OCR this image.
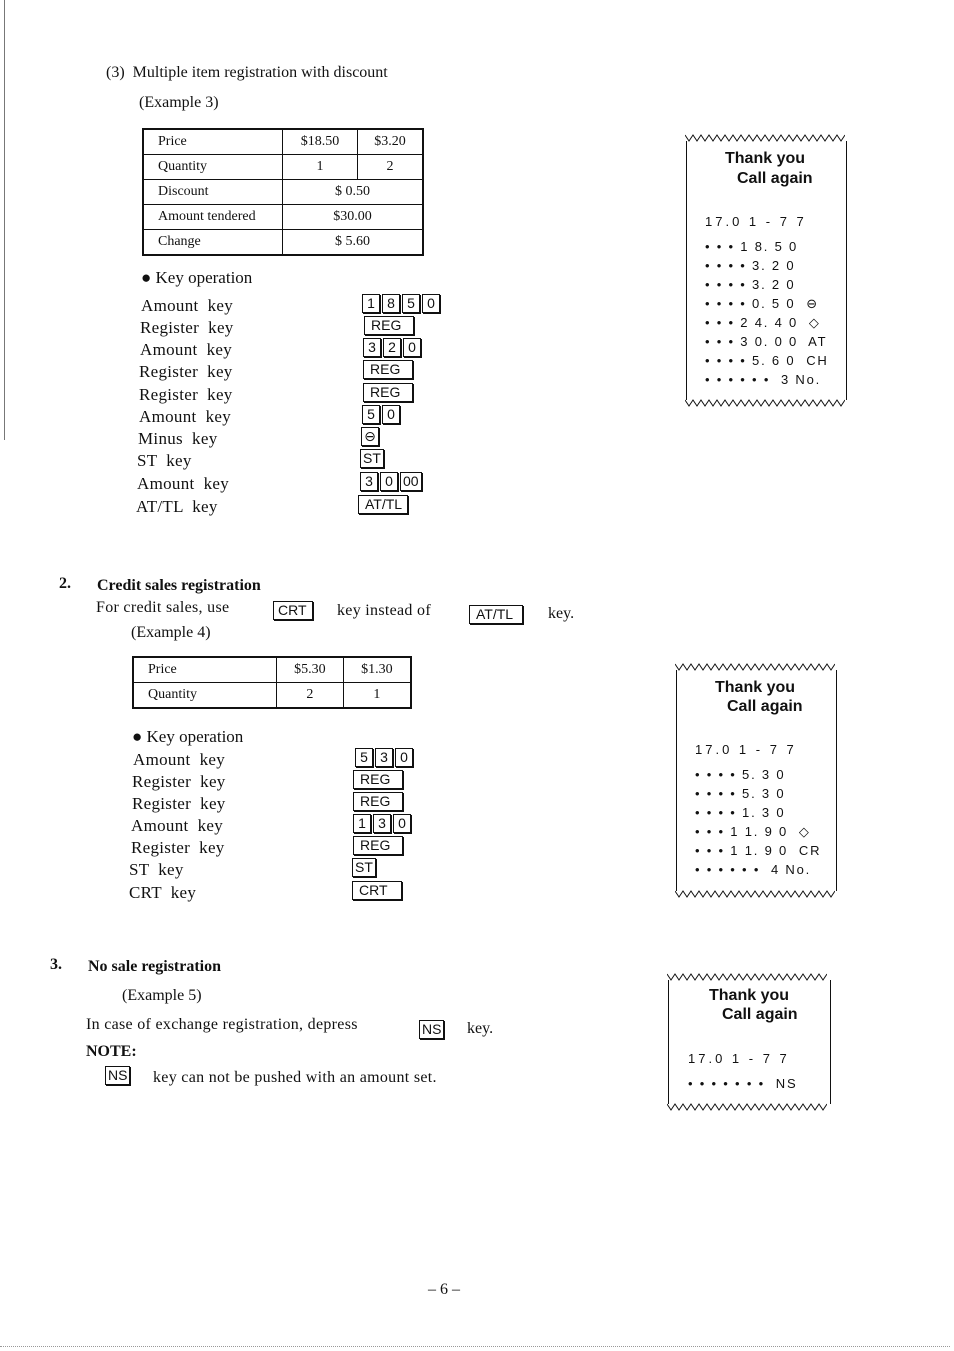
(3)  Multiple item registration with discount
(Example 3)
Price	$18.50	$3.20
Quantity	1	2
Discount	$ 0.50	
Amount tendered	$30.00	
Change	$ 5.60	
● Key operation
Amount  key	1 8 5 0
Register  key	REG
Amount  key	3 2 0
Register  key	REG
Register  key	REG
Amount  key	5 0
Minus  key	⊖
ST  key	ST
Amount  key	3 0 00
AT/TL  key	AT/TL
Thank you
Call again
17.0 1 - 7 7
• • • 1 8. 5 0
• • • • 3. 2 0
• • • • 3. 2 0
• • • • 0. 5 0  ⊖
• • • 2 4. 4 0  ◇
• • • 3 0. 0 0  AT
• • • • 5. 6 0  CH
• • • • • •  3 No.
2. Credit sales registration
For credit sales, use	CRT	key instead of	AT/TL	key.
(Example 4)
Price	$5.30	$1.30
Quantity	2	1
● Key operation
Amount  key	5 3 0
Register  key	REG
Register  key	REG
Amount  key	1 3 0
Register  key	REG
ST  key	ST
CRT  key	CRT
Thank you
Call again
17.0 1 - 7 7
• • • • 5. 3 0
• • • • 5. 3 0
• • • • 1. 3 0
• • • 1 1. 9 0  ◇
• • • 1 1. 9 0  CR
• • • • • •  4 No.
3. No sale registration
(Example 5)
In case of exchange registration, depress	NS key.
NOTE:
NS key can not be pushed with an amount set.
Thank you
Call again
17.0 1 - 7 7
• • • • • • •  NS
– 6 –
